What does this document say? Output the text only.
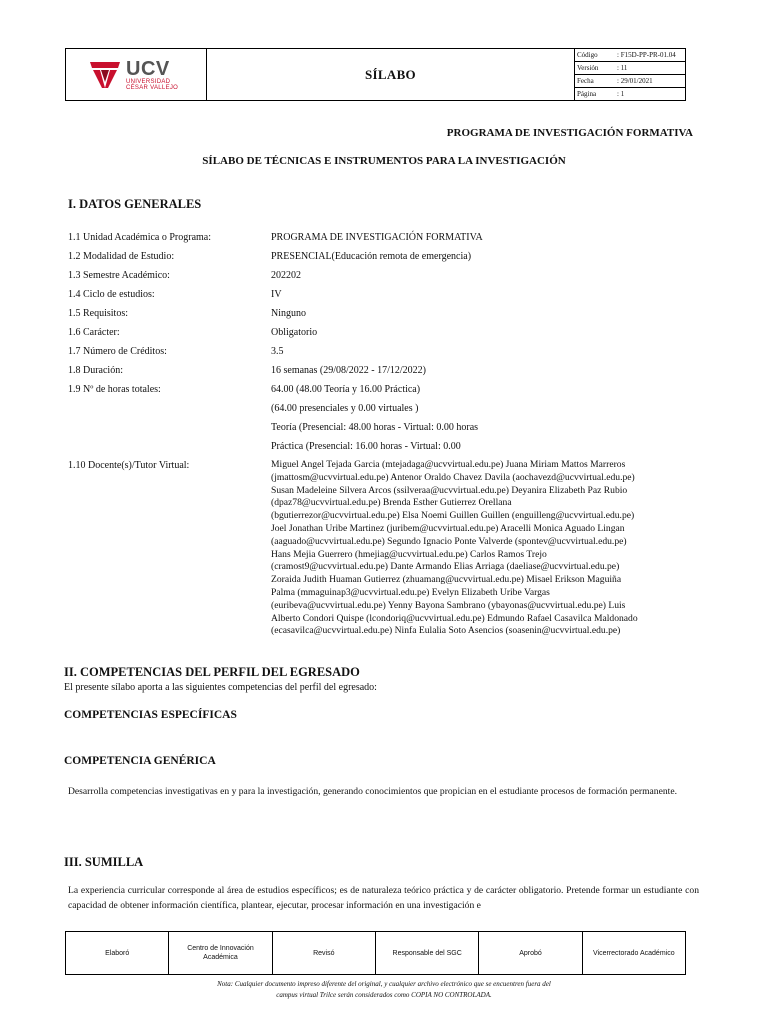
UCV
UNIVERSIDAD
CÉSAR VALLEJO
	SÍLABO	
Código	: F15D-PP-PR-01.04
Versión	: 11
Fecha	: 29/01/2021
Página	: 1
PROGRAMA DE INVESTIGACIÓN FORMATIVA
SÍLABO DE TÉCNICAS E INSTRUMENTOS PARA LA INVESTIGACIÓN
I. DATOS GENERALES
1.1 Unidad Académica o Programa:	PROGRAMA DE INVESTIGACIÓN FORMATIVA
1.2 Modalidad de Estudio:	PRESENCIAL(Educación remota de emergencia)
1.3 Semestre Académico:	202202
1.4 Ciclo de estudios:	IV
1.5 Requisitos:	Ninguno
1.6 Carácter:	Obligatorio
1.7 Número de Créditos:	3.5
1.8 Duración:	16 semanas (29/08/2022 - 17/12/2022)
1.9 Nº de horas totales:	64.00 (48.00 Teoría y 16.00 Práctica)
(64.00 presenciales y 0.00 virtuales )
Teoría (Presencial: 48.00 horas - Virtual: 0.00 horas
Práctica (Presencial: 16.00 horas - Virtual: 0.00
1.10 Docente(s)/Tutor Virtual:	Miguel Angel Tejada Garcia (mtejadaga@ucvvirtual.edu.pe) Juana Miriam Mattos Marreros
(jmattosm@ucvvirtual.edu.pe) Antenor Oraldo Chavez Davila (aochavezd@ucvvirtual.edu.pe)
Susan Madeleine Silvera Arcos (ssilveraa@ucvvirtual.edu.pe) Deyanira Elizabeth Paz Rubio
(dpaz78@ucvvirtual.edu.pe) Brenda Esther Gutierrez Orellana
(bgutierrezor@ucvvirtual.edu.pe) Elsa Noemi Guillen Guillen (enguilleng@ucvvirtual.edu.pe)
Joel Jonathan Uribe Martinez (juribem@ucvvirtual.edu.pe) Aracelli Monica Aguado Lingan
(aaguado@ucvvirtual.edu.pe) Segundo Ignacio Ponte Valverde (spontev@ucvvirtual.edu.pe)
Hans Mejia Guerrero (hmejiag@ucvvirtual.edu.pe) Carlos Ramos Trejo
(cramost9@ucvvirtual.edu.pe) Dante Armando Elias Arriaga (daeliase@ucvvirtual.edu.pe)
Zoraida Judith Huaman Gutierrez (zhuamang@ucvvirtual.edu.pe) Misael Erikson Maguiña
Palma (mmaguinap3@ucvvirtual.edu.pe) Evelyn Elizabeth Uribe Vargas
(euribeva@ucvvirtual.edu.pe) Yenny Bayona Sambrano (ybayonas@ucvvirtual.edu.pe) Luis
Alberto Condori Quispe (lcondoriq@ucvvirtual.edu.pe) Edmundo Rafael Casavilca Maldonado
(ecasavilca@ucvvirtual.edu.pe) Ninfa Eulalia Soto Asencios (soasenin@ucvvirtual.edu.pe)
II. COMPETENCIAS DEL PERFIL DEL EGRESADO
El presente sílabo aporta a las siguientes competencias del perfil del egresado:
COMPETENCIAS ESPECÍFICAS
COMPETENCIA GENÉRICA
Desarrolla competencias investigativas en y para la investigación, generando conocimientos que propician en el estudiante procesos de formación permanente.
III. SUMILLA
La experiencia curricular corresponde al área de estudios específicos; es de naturaleza teórico práctica y de carácter obligatorio. Pretende formar un estudiante con capacidad de obtener información científica, plantear, ejecutar, procesar información en una investigación e
Elaboró	Centro de Innovación Académica	Revisó	Responsable del SGC	Aprobó	Vicerrectorado Académico
Nota: Cualquier documento impreso diferente del original, y cualquier archivo electrónico que se encuentren fuera del
campus virtual Trilce serán considerados como COPIA NO CONTROLADA.
